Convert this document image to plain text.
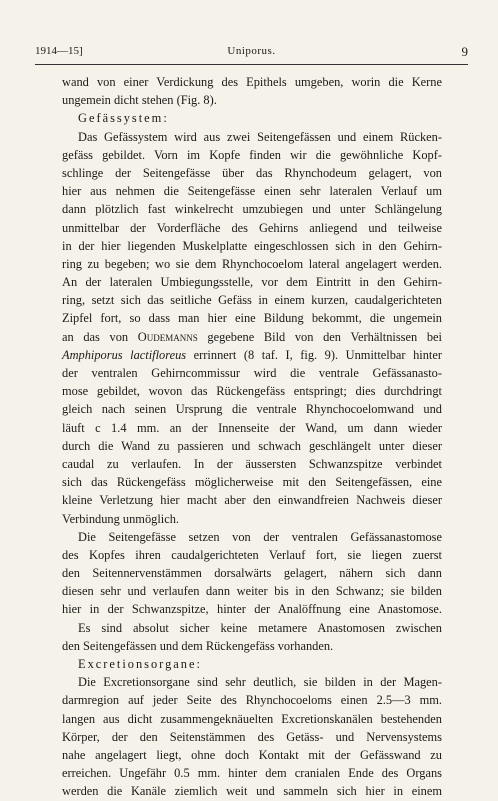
1914—15]	Uniporus.	9
wand von einer Verdickung des Epithels umgeben, worin die Kerne
ungemein dicht stehen (Fig. 8).
Gefässystem:
Das Gefässystem wird aus zwei Seitengefässen und einem Rücken-
gefäss gebildet. Vorn im Kopfe finden wir die gewöhnliche Kopf-
schlinge der Seitengefässe über das Rhynchodeum gelagert, von
hier aus nehmen die Seitengefässe einen sehr lateralen Verlauf um
dann plötzlich fast winkelrecht umzubiegen und unter Schlängelung
unmittelbar der Vorderfläche des Gehirns anliegend und teilweise
in der hier liegenden Muskelplatte eingeschlossen sich in den Gehirn-
ring zu begeben; wo sie dem Rhynchocoelom lateral angelagert werden.
An der lateralen Umbiegungsstelle, vor dem Eintritt in den Gehirn-
ring, setzt sich das seitliche Gefäss in einem kurzen, caudalgerichteten
Zipfel fort, so dass man hier eine Bildung bekommt, die ungemein
an das von Oudemanns gegebene Bild von den Verhältnissen bei
Amphiporus lactifloreus errinnert (8 taf. I, fig. 9). Unmittelbar hinter
der ventralen Gehirncommissur wird die ventrale Gefässanasto-
mose gebildet, wovon das Rückengefäss entspringt; dies durchdringt
gleich nach seinen Ursprung die ventrale Rhynchocoelomwand und
läuft c 1.4 mm. an der Innenseite der Wand, um dann wieder
durch die Wand zu passieren und schwach geschlängelt unter dieser
caudal zu verlaufen. In der äussersten Schwanzspitze verbindet
sich das Rückengefäss möglicherweise mit den Seitengefässen, eine
kleine Verletzung hier macht aber den einwandfreien Nachweis dieser
Verbindung unmöglich.
Die Seitengefässe setzen von der ventralen Gefässanastomose
des Kopfes ihren caudalgerichteten Verlauf fort, sie liegen zuerst
den Seitennervenstämmen dorsalwärts gelagert, nähern sich dann
diesen sehr und verlaufen dann weiter bis in den Schwanz; sie bilden
hier in der Schwanzspitze, hinter der Analöffnung eine Anastomose.
Es sind absolut sicher keine metamere Anastomosen zwischen
den Seitengefässen und dem Rückengefäss vorhanden.
Excretionsorgane:
Die Excretionsorgane sind sehr deutlich, sie bilden in der Magen-
darmregion auf jeder Seite des Rhynchocoeloms einen 2.5—3 mm.
langen aus dicht zusammengeknäuelten Excretionskanälen bestehenden
Körper, der den Seitenstämmen des Getäss- und Nervensystems
nahe angelagert liegt, ohne doch Kontakt mit der Gefässwand zu
erreichen. Ungefähr 0.5 mm. hinter dem cranialen Ende des Organs
werden die Kanäle ziemlich weit und sammeln sich hier in einem
